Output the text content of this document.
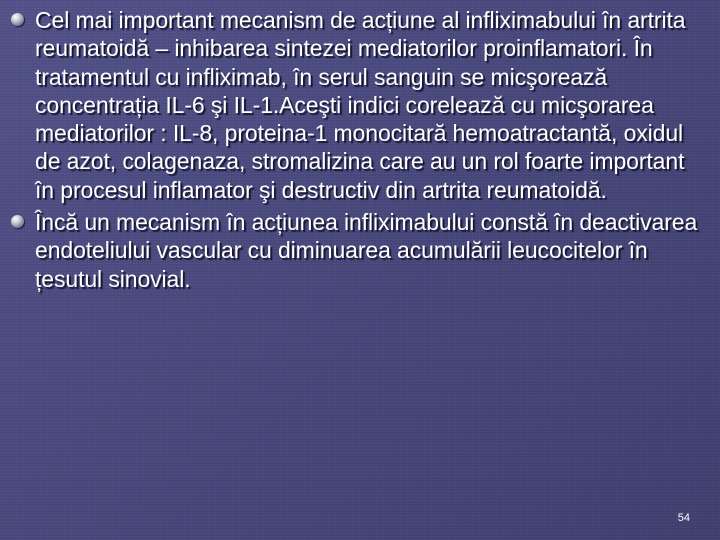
Cel mai important mecanism de acțiune al infliximabului în artrita reumatoidă – inhibarea sintezei mediatorilor proinflamatori. În tratamentul cu infliximab, în serul sanguin se micşorează concentrația IL-6 şi IL-1.Aceşti indici corelează cu micşorarea mediatorilor : IL-8, proteina-1 monocitară hemoatractantă, oxidul de azot, colagenaza, stromalizina care au un rol foarte important în procesul inflamator şi destructiv din artrita reumatoidă.
Încă un mecanism în acțiunea infliximabului constă în deactivarea endoteliului vascular cu diminuarea acumulării leucocitelor în țesutul sinovial.
54
